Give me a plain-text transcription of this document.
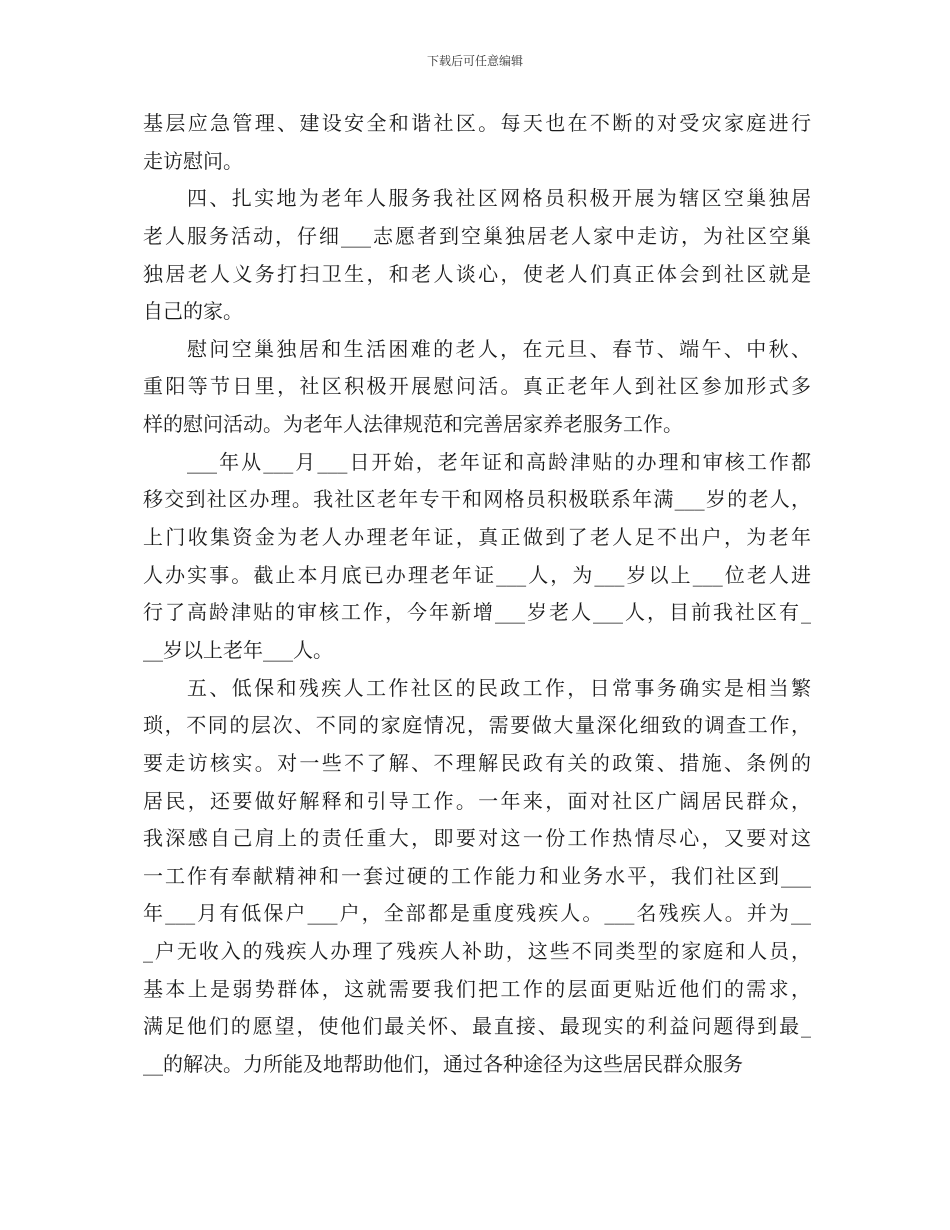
下载后可任意编辑
基层应急管理、建设安全和谐社区。每天也在不断的对受灾家庭进行
走访慰问。
四、扎实地为老年人服务我社区网格员积极开展为辖区空巢独居
老人服务活动，仔细___志愿者到空巢独居老人家中走访，为社区空巢
独居老人义务打扫卫生，和老人谈心，使老人们真正体会到社区就是
自己的家。
慰问空巢独居和生活困难的老人，在元旦、春节、端午、中秋、
重阳等节日里，社区积极开展慰问活。真正老年人到社区参加形式多
样的慰问活动。为老年人法律规范和完善居家养老服务工作。
___年从___月___日开始，老年证和高龄津贴的办理和审核工作都
移交到社区办理。我社区老年专干和网格员积极联系年满___岁的老人，
上门收集资金为老人办理老年证，真正做到了老人足不出户，为老年
人办实事。截止本月底已办理老年证___人，为___岁以上___位老人进
行了高龄津贴的审核工作，今年新增___岁老人___人，目前我社区有_
__岁以上老年___人。
五、低保和残疾人工作社区的民政工作，日常事务确实是相当繁
琐，不同的层次、不同的家庭情况，需要做大量深化细致的调查工作，
要走访核实。对一些不了解、不理解民政有关的政策、措施、条例的
居民，还要做好解释和引导工作。一年来，面对社区广阔居民群众，
我深感自己肩上的责任重大，即要对这一份工作热情尽心，又要对这
一工作有奉献精神和一套过硬的工作能力和业务水平，我们社区到___
年___月有低保户___户，全部都是重度残疾人。___名残疾人。并为__
_户无收入的残疾人办理了残疾人补助，这些不同类型的家庭和人员，
基本上是弱势群体，这就需要我们把工作的层面更贴近他们的需求，
满足他们的愿望，使他们最关怀、最直接、最现实的利益问题得到最_
__的解决。力所能及地帮助他们，通过各种途径为这些居民群众服务
